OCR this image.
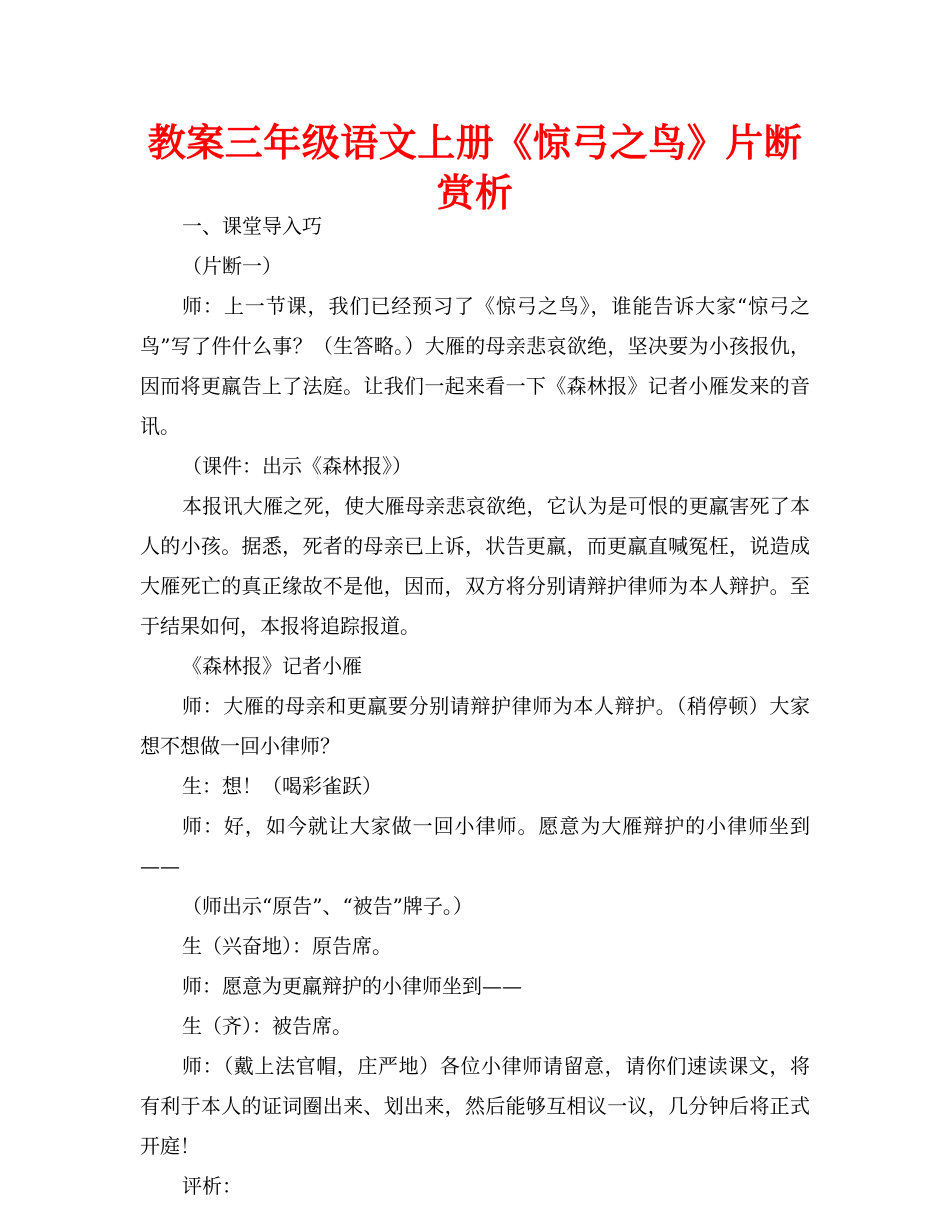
教案三年级语文上册《惊弓之鸟》片断赏析

一、课堂导入巧

（片断一）

师：上一节课，我们已经预习了《惊弓之鸟》，谁能告诉大家“惊弓之鸟”写了件什么事？（生答略。）大雁的母亲悲哀欲绝，坚决要为小孩报仇，因而将更羸告上了法庭。让我们一起来看一下《森林报》记者小雁发来的音讯。

（课件：出示《森林报》）

本报讯大雁之死，使大雁母亲悲哀欲绝，它认为是可恨的更羸害死了本人的小孩。据悉，死者的母亲已上诉，状告更羸，而更羸直喊冤枉，说造成大雁死亡的真正缘故不是他，因而，双方将分别请辩护律师为本人辩护。至于结果如何，本报将追踪报道。

《森林报》记者小雁

师：大雁的母亲和更羸要分别请辩护律师为本人辩护。（稍停顿）大家想不想做一回小律师？

生：想！（喝彩雀跃）

师：好，如今就让大家做一回小律师。愿意为大雁辩护的小律师坐到——

（师出示“原告”、“被告”牌子。）

生（兴奋地）：原告席。

师：愿意为更羸辩护的小律师坐到——

生（齐）：被告席。

师：（戴上法官帽，庄严地）各位小律师请留意，请你们速读课文，将有利于本人的证词圈出来、划出来，然后能够互相议一议，几分钟后将正式开庭！

评析：
